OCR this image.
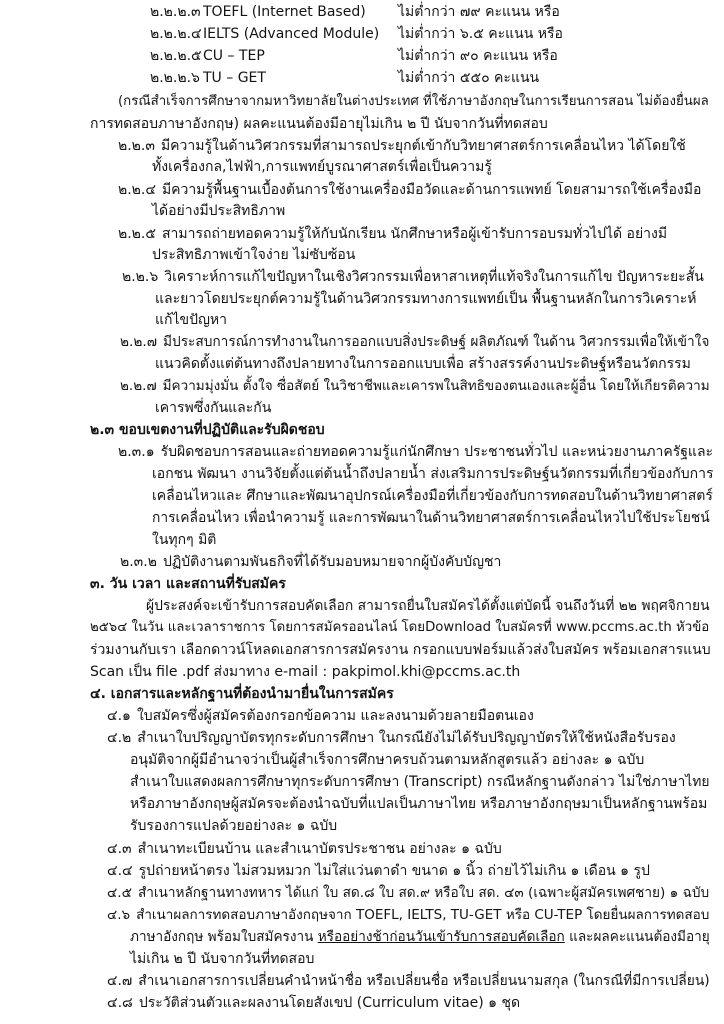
๒.๒.๒.๓ TOEFL (Internet Based) ไม่ต่ำกว่า ๗๙ คะแนน หรือ
๒.๒.๒.๔ IELTS (Advanced Module) ไม่ต่ำกว่า ๖.๕ คะแนน หรือ
๒.๒.๒.๕ CU – TEP	ไม่ต่ำกว่า ๙๐ คะแนน หรือ
๒.๒.๒.๖ TU – GET	ไม่ต่ำกว่า ๕๕๐ คะแนน
(กรณีสำเร็จการศึกษาจากมหาวิทยาลัยในต่างประเทศ ที่ใช้ภาษาอังกฤษในการเรียนการสอน ไม่ต้องยื่นผล
การทดสอบภาษาอังกฤษ) ผลคะแนนต้องมีอายุไม่เกิน ๒ ปี นับจากวันที่ทดสอบ
๒.๒.๓ มีความรู้ในด้านวิศวกรรมที่สามารถประยุกต์เข้ากับวิทยาศาสตร์การเคลื่อนไหว ได้โดยใช้
ทั้งเครื่องกล,ไฟฟ้า,การแพทย์บูรณาศาสตร์เพื่อเป็นความรู้
๒.๒.๔ มีความรู้พื้นฐานเบื้องต้นการใช้งานเครื่องมือวัดและด้านการแพทย์ โดยสามารถใช้เครื่องมือ
ได้อย่างมีประสิทธิภาพ
๒.๒.๕ สามารถถ่ายทอดความรู้ให้กับนักเรียน นักศึกษาหรือผู้เข้ารับการอบรมทั่วไปได้ อย่างมี
ประสิทธิภาพเข้าใจง่าย ไม่ซับซ้อน
๒.๒.๖ วิเคราะห์การแก้ไขปัญหาในเชิงวิศวกรรมเพื่อหาสาเหตุที่แท้จริงในการแก้ไข ปัญหาระยะสั้น
และยาวโดยประยุกต์ความรู้ในด้านวิศวกรรมทางการแพทย์เป็น พื้นฐานหลักในการวิเคราะห์
แก้ไขปัญหา
๒.๒.๗ มีประสบการณ์การทำงานในการออกแบบสิ่งประดิษฐ์ ผลิตภัณฑ์ ในด้าน วิศวกรรมเพื่อให้เข้าใจ
แนวคิดตั้งแต่ต้นทางถึงปลายทางในการออกแบบเพื่อ สร้างสรรค์งานประดิษฐ์หรือนวัตกรรม
๒.๒.๗ มีความมุ่งมั่น ตั้งใจ ซื่อสัตย์ ในวิชาชีพและเคารพในสิทธิของตนเองและผู้อื่น โดยให้เกียรติความ
เคารพซึ่งกันและกัน
๒.๓ ขอบเขตงานที่ปฏิบัติและรับผิดชอบ
๒.๓.๑ รับผิดชอบการสอนและถ่ายทอดความรู้แก่นักศึกษา ประชาชนทั่วไป และหน่วยงานภาครัฐและ
เอกชน พัฒนา งานวิจัยตั้งแต่ต้นน้ำถึงปลายน้ำ ส่งเสริมการประดิษฐ์นวัตกรรมที่เกี่ยวข้องกับการ
เคลื่อนไหวและ ศึกษาและพัฒนาอุปกรณ์เครื่องมือที่เกี่ยวข้องกับการทดสอบในด้านวิทยาศาสตร์
การเคลื่อนไหว เพื่อนำความรู้ และการพัฒนาในด้านวิทยาศาสตร์การเคลื่อนไหวไปใช้ประโยชน์
ในทุกๆ มิติ
๒.๓.๒ ปฏิบัติงานตามพันธกิจที่ได้รับมอบหมายจากผู้บังคับบัญชา
๓. วัน เวลา และสถานที่รับสมัคร
ผู้ประสงค์จะเข้ารับการสอบคัดเลือก สามารถยื่นใบสมัครได้ตั้งแต่บัดนี้ จนถึงวันที่ ๒๒ พฤศจิกายน
๒๕๖๔ ในวัน และเวลาราชการ โดยการสมัครออนไลน์ โดยDownload ใบสมัครที่ www.pccms.ac.th หัวข้อ
ร่วมงานกับเรา เลือกดาวน์โหลดเอกสารการสมัครงาน กรอกแบบฟอร์มแล้วส่งใบสมัคร พร้อมเอกสารแนบ
Scan เป็น file .pdf ส่งมาทาง e-mail : pakpimol.khi@pccms.ac.th
๔. เอกสารและหลักฐานที่ต้องนำมายื่นในการสมัคร
๔.๑ ใบสมัครซึ่งผู้สมัครต้องกรอกข้อความ และลงนามด้วยลายมือตนเอง
๔.๒ สำเนาใบปริญญาบัตรทุกระดับการศึกษา ในกรณียังไม่ได้รับปริญญาบัตรให้ใช้หนังสือรับรอง
อนุมัติจากผู้มีอำนาจว่าเป็นผู้สำเร็จการศึกษาครบถ้วนตามหลักสูตรแล้ว อย่างละ ๑ ฉบับ
สำเนาใบแสดงผลการศึกษาทุกระดับการศึกษา (Transcript) กรณีหลักฐานดังกล่าว ไม่ใช่ภาษาไทย
หรือภาษาอังกฤษผู้สมัครจะต้องนำฉบับที่แปลเป็นภาษาไทย หรือภาษาอังกฤษมาเป็นหลักฐานพร้อม
รับรองการแปลด้วยอย่างละ ๑ ฉบับ
๔.๓ สำเนาทะเบียนบ้าน และสำเนาบัตรประชาชน อย่างละ ๑ ฉบับ
๔.๔ รูปถ่ายหน้าตรง ไม่สวมหมวก ไม่ใส่แว่นตาดำ ขนาด ๑ นิ้ว ถ่ายไว้ไม่เกิน ๑ เดือน ๑ รูป
๔.๕ สำเนาหลักฐานทางทหาร ได้แก่ ใบ สด.๘ ใบ สด.๙ หรือใบ สด. ๔๓ (เฉพาะผู้สมัครเพศชาย) ๑ ฉบับ
๔.๖ สำเนาผลการทดสอบภาษาอังกฤษจาก TOEFL, IELTS, TU-GET หรือ CU-TEP โดยยื่นผลการทดสอบ
ภาษาอังกฤษ พร้อมใบสมัครงาน หรืออย่างช้าก่อนวันเข้ารับการสอบคัดเลือก และผลคะแนนต้องมีอายุ
ไม่เกิน ๒ ปี นับจากวันที่ทดสอบ
๔.๗ สำเนาเอกสารการเปลี่ยนคำนำหน้าชื่อ หรือเปลี่ยนชื่อ หรือเปลี่ยนนามสกุล (ในกรณีที่มีการเปลี่ยน)
๔.๘ ประวัติส่วนตัวและผลงานโดยสังเขป (Curriculum vitae) ๑ ชุด
